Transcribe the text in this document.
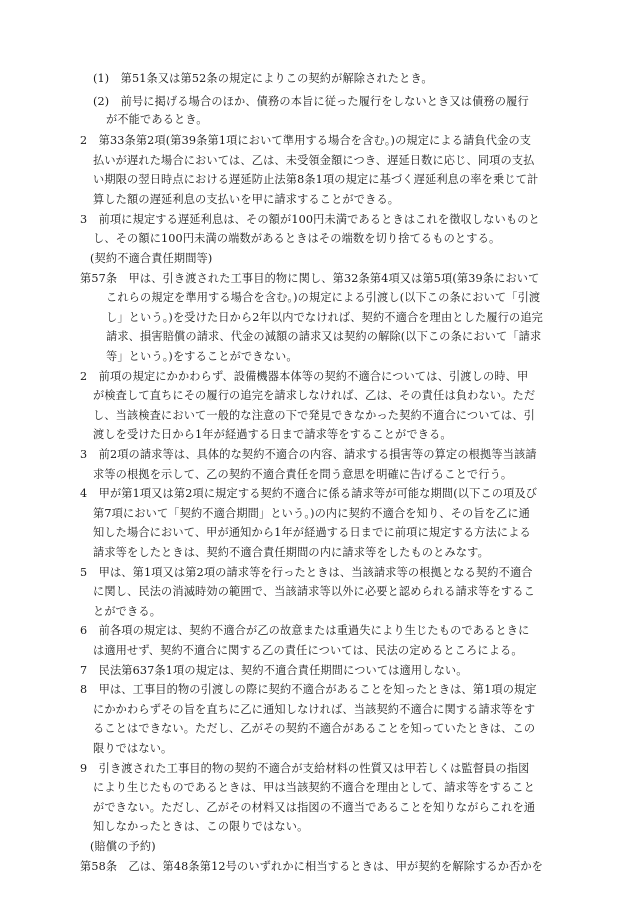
(1)　第51条又は第52条の規定によりこの契約が解除されたとき。
(2)　前号に掲げる場合のほか、債務の本旨に従った履行をしないとき又は債務の履行
が不能であるとき。
2　第33条第2項(第39条第1項において準用する場合を含む。)の規定による請負代金の支
払いが遅れた場合においては、乙は、未受領金額につき、遅延日数に応じ、同項の支払
い期限の翌日時点における遅延防止法第8条1項の規定に基づく遅延利息の率を乗じて計
算した額の遅延利息の支払いを甲に請求することができる。
3　前項に規定する遅延利息は、その額が100円未満であるときはこれを徴収しないものと
し、その額に100円未満の端数があるときはその端数を切り捨てるものとする。
(契約不適合責任期間等)
第57条　甲は、引き渡された工事目的物に関し、第32条第4項又は第5項(第39条において
これらの規定を準用する場合を含む。)の規定による引渡し(以下この条において「引渡
し」という。)を受けた日から2年以内でなければ、契約不適合を理由とした履行の追完
請求、損害賠償の請求、代金の減額の請求又は契約の解除(以下この条において「請求
等」という。)をすることができない。
2　前項の規定にかかわらず、設備機器本体等の契約不適合については、引渡しの時、甲
が検査して直ちにその履行の追完を請求しなければ、乙は、その責任は負わない。ただ
し、当該検査において一般的な注意の下で発見できなかった契約不適合については、引
渡しを受けた日から1年が経過する日まで請求等をすることができる。
3　前2項の請求等は、具体的な契約不適合の内容、請求する損害等の算定の根拠等当該請
求等の根拠を示して、乙の契約不適合責任を問う意思を明確に告げることで行う。
4　甲が第1項又は第2項に規定する契約不適合に係る請求等が可能な期間(以下この項及び
第7項において「契約不適合期間」という。)の内に契約不適合を知り、その旨を乙に通
知した場合において、甲が通知から1年が経過する日までに前項に規定する方法による
請求等をしたときは、契約不適合責任期間の内に請求等をしたものとみなす。
5　甲は、第1項又は第2項の請求等を行ったときは、当該請求等の根拠となる契約不適合
に関し、民法の消滅時効の範囲で、当該請求等以外に必要と認められる請求等をするこ
とができる。
6　前各項の規定は、契約不適合が乙の故意または重過失により生じたものであるときに
は適用せず、契約不適合に関する乙の責任については、民法の定めるところによる。
7　民法第637条1項の規定は、契約不適合責任期間については適用しない。
8　甲は、工事目的物の引渡しの際に契約不適合があることを知ったときは、第1項の規定
にかかわらずその旨を直ちに乙に通知しなければ、当該契約不適合に関する請求等をす
ることはできない。ただし、乙がその契約不適合があることを知っていたときは、この
限りではない。
9　引き渡された工事目的物の契約不適合が支給材料の性質又は甲若しくは監督員の指図
により生じたものであるときは、甲は当該契約不適合を理由として、請求等をすること
ができない。ただし、乙がその材料又は指図の不適当であることを知りながらこれを通
知しなかったときは、この限りではない。
(賠償の予約)
第58条　乙は、第48条第12号のいずれかに相当するときは、甲が契約を解除するか否かを
